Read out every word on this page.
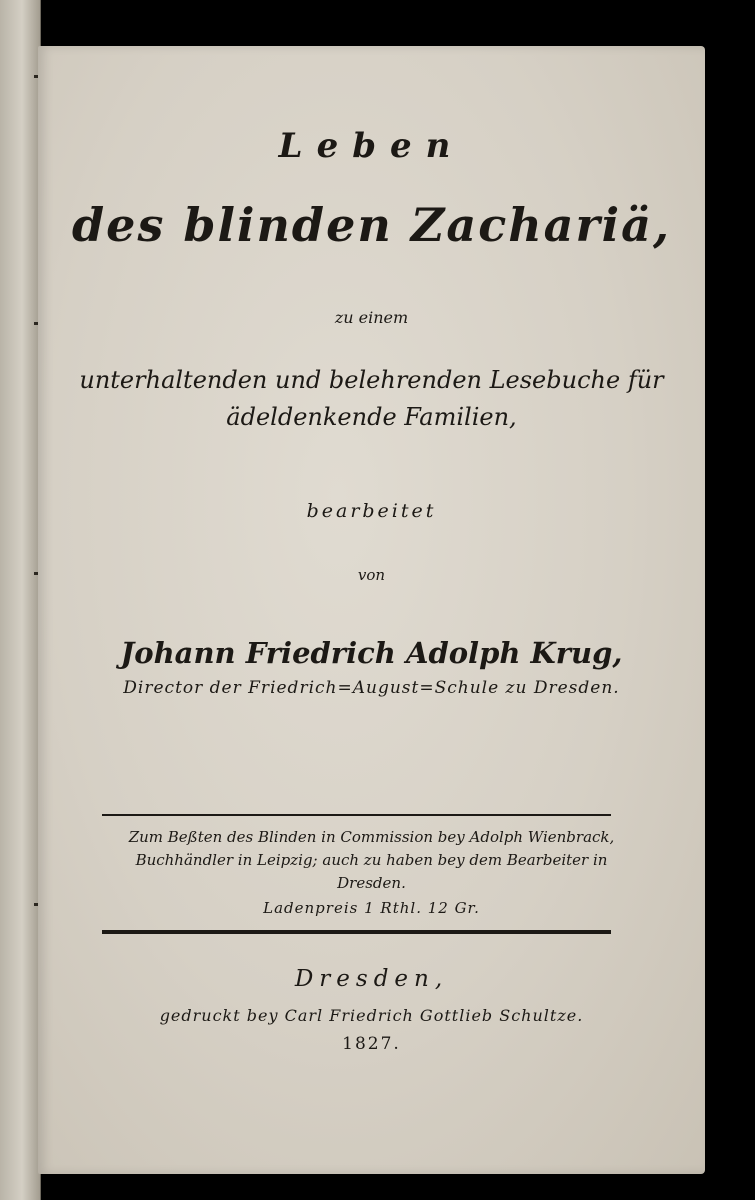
Leben
des blinden Zachariä,
zu einem
unterhaltenden und belehrenden Lesebuche für
ädeldenkende Familien,
bearbeitet
von
Johann Friedrich Adolph Krug,
Director der Friedrich=August=Schule zu Dresden.
Zum Beßten des Blinden in Commission bey Adolph Wienbrack,
Buchhändler in Leipzig; auch zu haben bey dem Bearbeiter in
Dresden.
Ladenpreis 1 Rthl. 12 Gr.
Dresden,
gedruckt bey Carl Friedrich Gottlieb Schultze.
1827.
